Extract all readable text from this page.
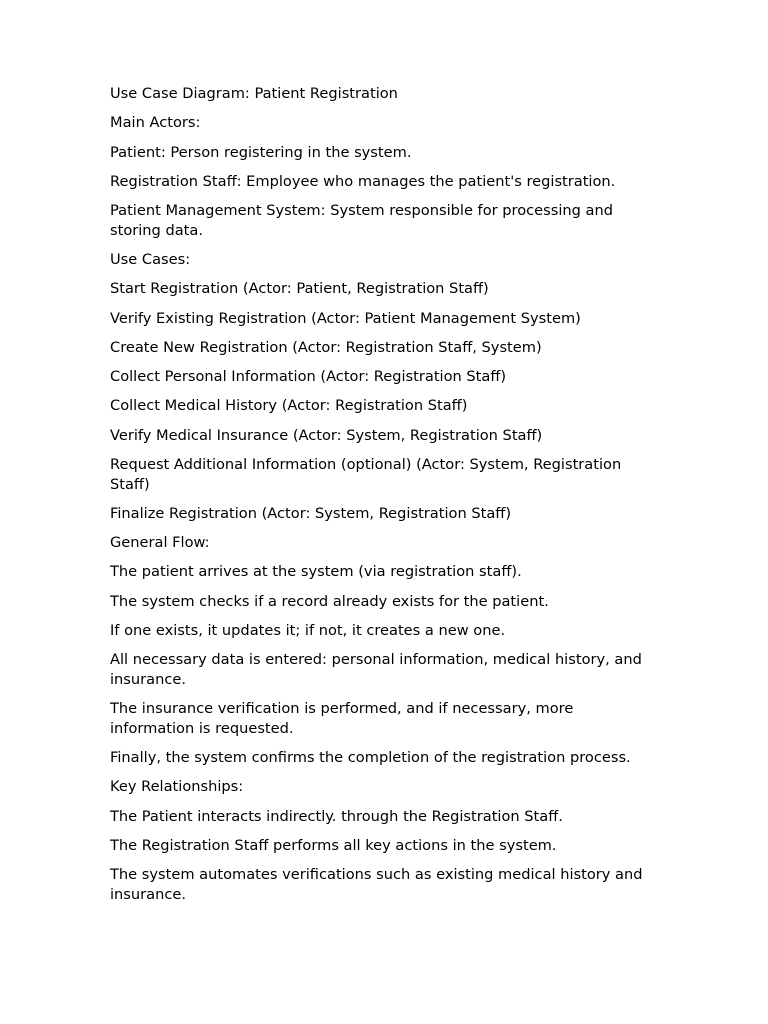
Use Case Diagram: Patient Registration

Main Actors:

Patient: Person registering in the system.

Registration Staff: Employee who manages the patient's registration.

Patient Management System: System responsible for processing and storing data.

Use Cases:

Start Registration (Actor: Patient, Registration Staff)

Verify Existing Registration (Actor: Patient Management System)

Create New Registration (Actor: Registration Staff, System)

Collect Personal Information (Actor: Registration Staff)

Collect Medical History (Actor: Registration Staff)

Verify Medical Insurance (Actor: System, Registration Staff)

Request Additional Information (optional) (Actor: System, Registration Staff)

Finalize Registration (Actor: System, Registration Staff)

General Flow:

The patient arrives at the system (via registration staff).

The system checks if a record already exists for the patient.

If one exists, it updates it; if not, it creates a new one.

All necessary data is entered: personal information, medical history, and insurance.

The insurance verification is performed, and if necessary, more information is requested.

Finally, the system confirms the completion of the registration process.

Key Relationships:

The Patient interacts indirectly. through the Registration Staff.

The Registration Staff performs all key actions in the system.

The system automates verifications such as existing medical history and insurance.
